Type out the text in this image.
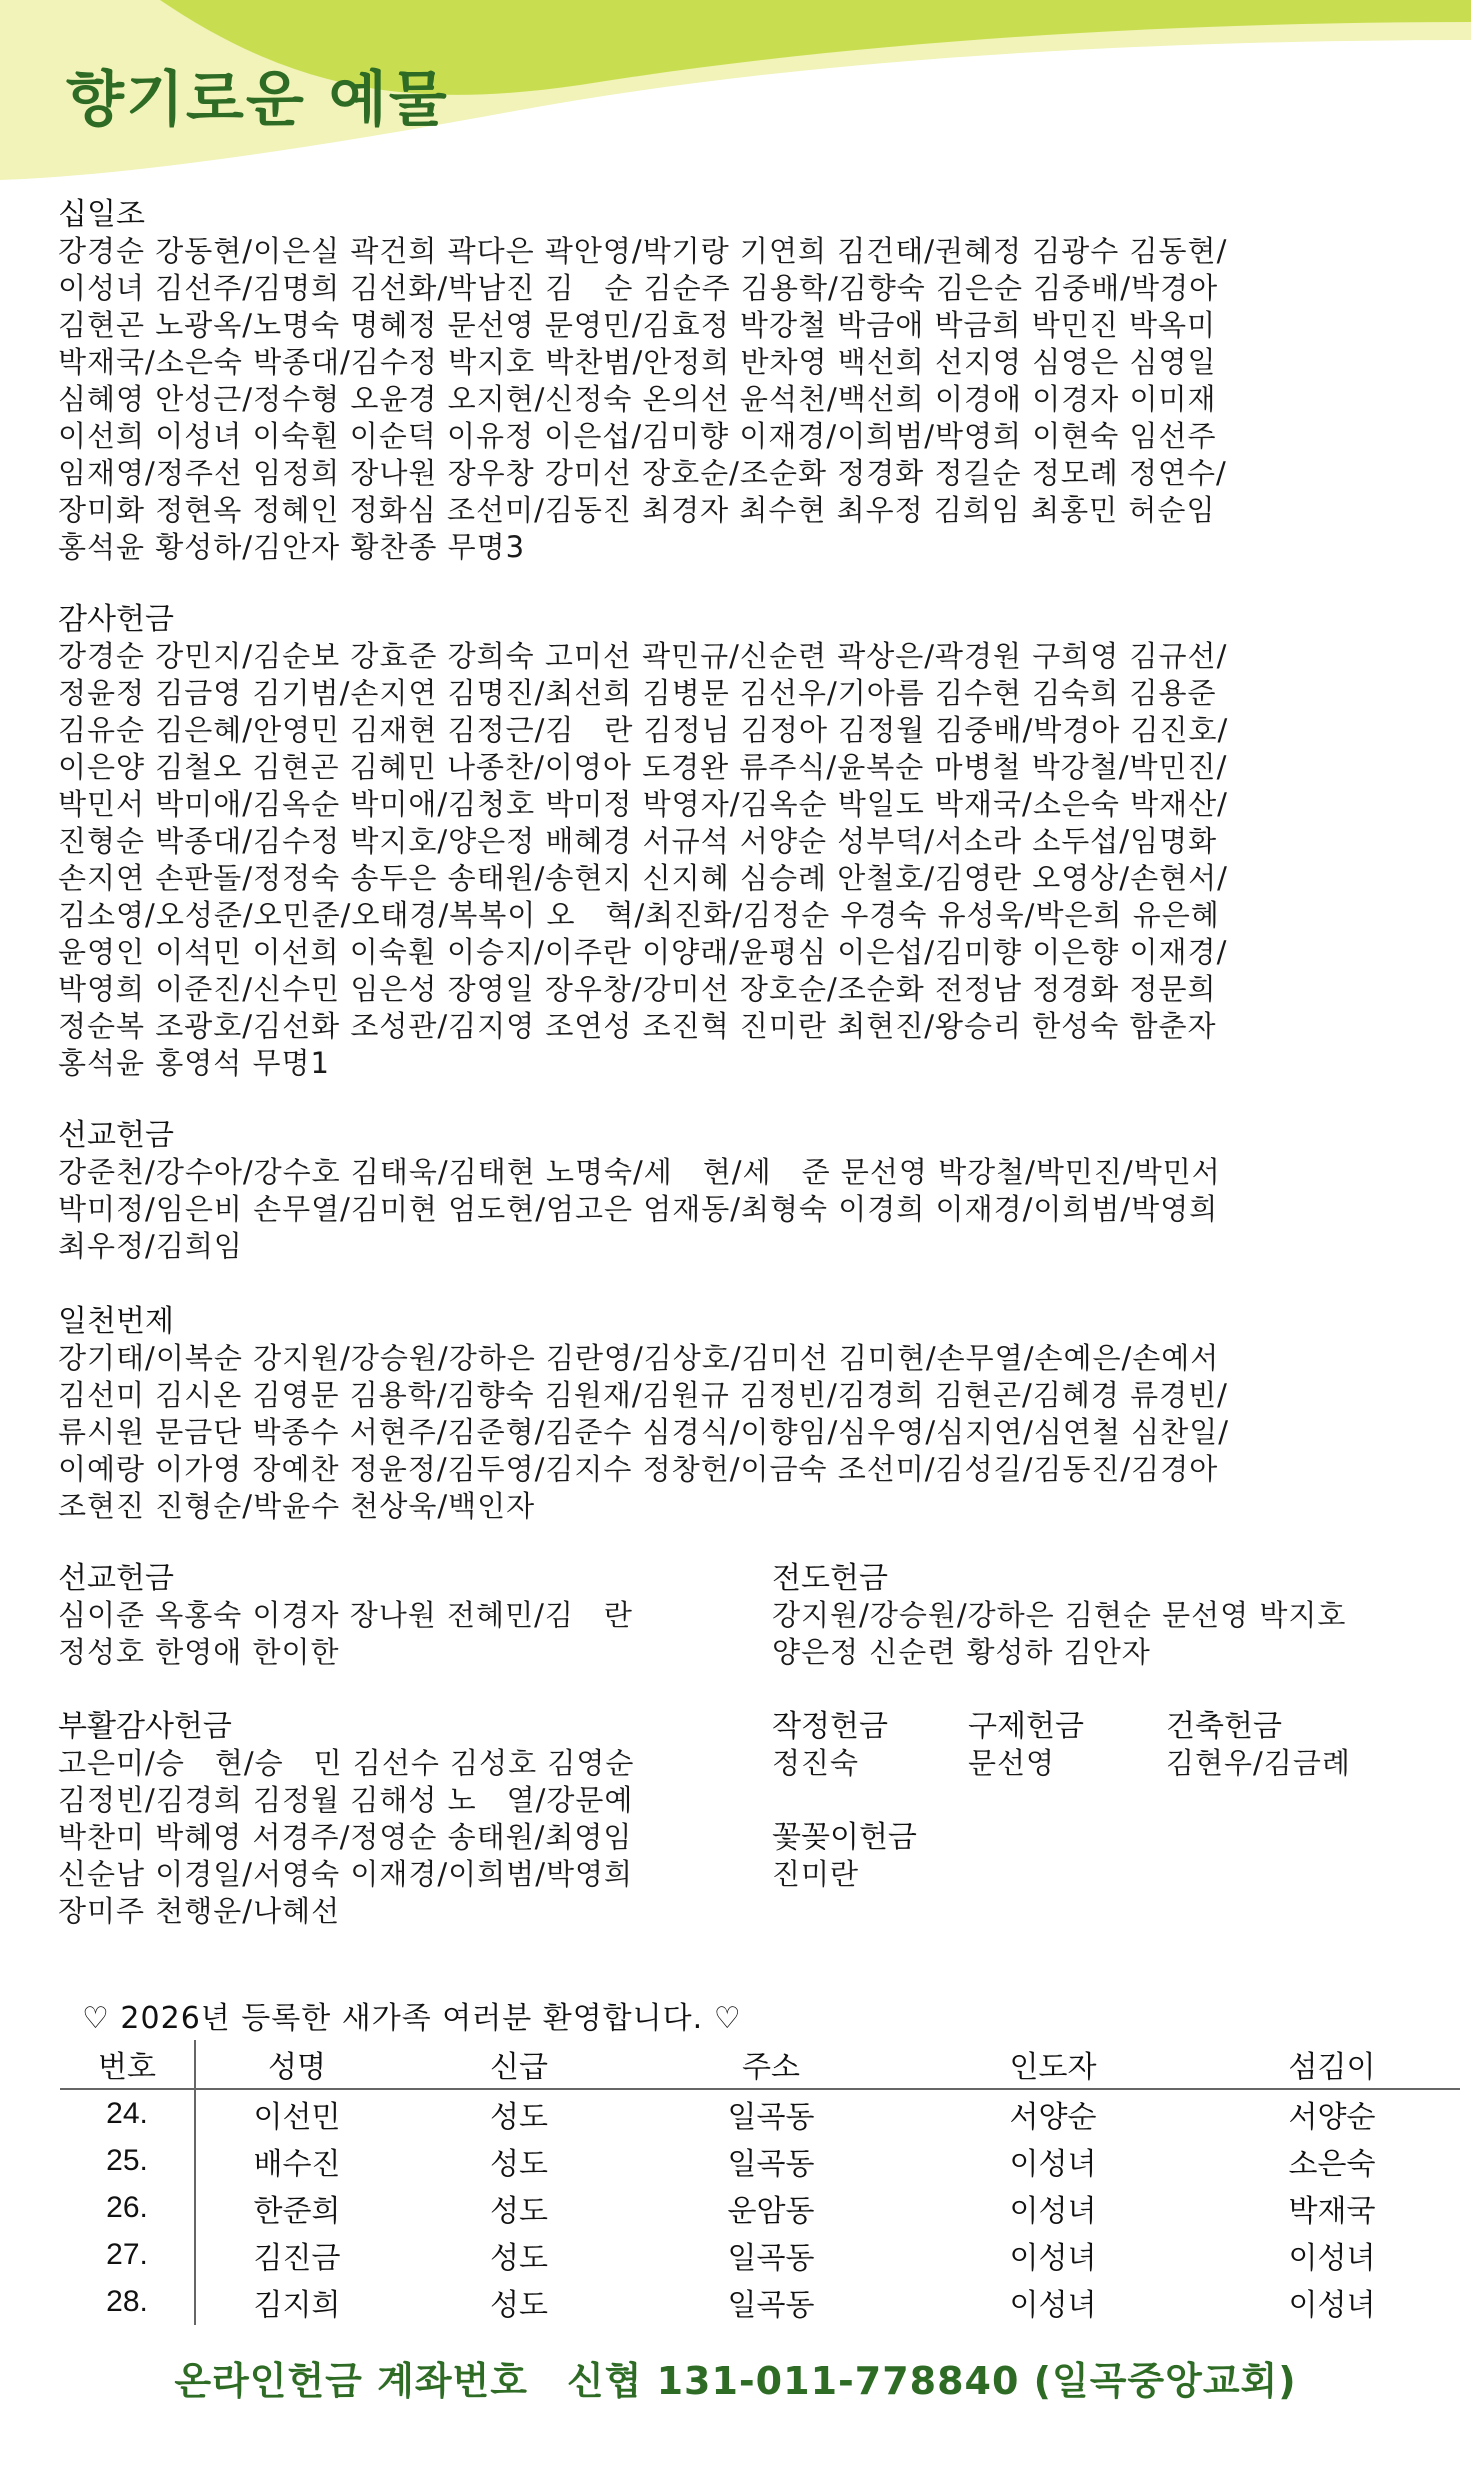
향기로운 예물
십일조
강경순 강동현/이은실 곽건희 곽다은 곽안영/박기랑 기연희 김건태/권혜정 김광수 김동현/
이성녀 김선주/김명희 김선화/박남진 김　순 김순주 김용학/김향숙 김은순 김중배/박경아
김현곤 노광옥/노명숙 명혜정 문선영 문영민/김효정 박강철 박금애 박금희 박민진 박옥미
박재국/소은숙 박종대/김수정 박지호 박찬범/안정희 반차영 백선희 선지영 심영은 심영일
심혜영 안성근/정수형 오윤경 오지현/신정숙 온의선 윤석천/백선희 이경애 이경자 이미재
이선희 이성녀 이숙훤 이순덕 이유정 이은섭/김미향 이재경/이희범/박영희 이현숙 임선주
임재영/정주선 임정희 장나원 장우창 강미선 장호순/조순화 정경화 정길순 정모례 정연수/
장미화 정현옥 정혜인 정화심 조선미/김동진 최경자 최수현 최우정 김희임 최홍민 허순임
홍석윤 황성하/김안자 황찬종 무명3
감사헌금
강경순 강민지/김순보 강효준 강희숙 고미선 곽민규/신순련 곽상은/곽경원 구희영 김규선/
정윤정 김금영 김기범/손지연 김명진/최선희 김병문 김선우/기아름 김수현 김숙희 김용준
김유순 김은혜/안영민 김재현 김정근/김　란 김정님 김정아 김정월 김중배/박경아 김진호/
이은양 김철오 김현곤 김혜민 나종찬/이영아 도경완 류주식/윤복순 마병철 박강철/박민진/
박민서 박미애/김옥순 박미애/김청호 박미정 박영자/김옥순 박일도 박재국/소은숙 박재산/
진형순 박종대/김수정 박지호/양은정 배혜경 서규석 서양순 성부덕/서소라 소두섭/임명화
손지연 손판돌/정정숙 송두은 송태원/송현지 신지혜 심승례 안철호/김영란 오영상/손현서/
김소영/오성준/오민준/오태경/복복이 오　혁/최진화/김정순 우경숙 유성욱/박은희 유은혜
윤영인 이석민 이선희 이숙훤 이승지/이주란 이양래/윤평심 이은섭/김미향 이은향 이재경/
박영희 이준진/신수민 임은성 장영일 장우창/강미선 장호순/조순화 전정남 정경화 정문희
정순복 조광호/김선화 조성관/김지영 조연성 조진혁 진미란 최현진/왕승리 한성숙 함춘자
홍석윤 홍영석 무명1
선교헌금
강준천/강수아/강수호 김태욱/김태현 노명숙/세　현/세　준 문선영 박강철/박민진/박민서
박미정/임은비 손무열/김미현 엄도현/엄고은 엄재동/최형숙 이경희 이재경/이희범/박영희
최우정/김희임
일천번제
강기태/이복순 강지원/강승원/강하은 김란영/김상호/김미선 김미현/손무열/손예은/손예서
김선미 김시온 김영문 김용학/김향숙 김원재/김원규 김정빈/김경희 김현곤/김혜경 류경빈/
류시원 문금단 박종수 서현주/김준형/김준수 심경식/이향임/심우영/심지연/심연철 심찬일/
이예랑 이가영 장예찬 정윤정/김두영/김지수 정창헌/이금숙 조선미/김성길/김동진/김경아
조현진 진형순/박윤수 천상욱/백인자
선교헌금
심이준 옥홍숙 이경자 장나원 전혜민/김　란
정성호 한영애 한이한
전도헌금
강지원/강승원/강하은 김현순 문선영 박지호
양은정 신순련 황성하 김안자
부활감사헌금
고은미/승　현/승　민 김선수 김성호 김영순
김정빈/김경희 김정월 김해성 노　열/강문예
박찬미 박혜영 서경주/정영순 송태원/최영임
신순남 이경일/서영숙 이재경/이희범/박영희
장미주 천행운/나혜선
작정헌금
정진숙
구제헌금
문선영
건축헌금
김현우/김금례
꽃꽂이헌금
진미란

♡ 2026년 등록한 새가족 여러분 환영합니다. ♡

번호	성명	신급	주소	인도자	섬김이
24.	이선민	성도	일곡동	서양순	서양순
25.	배수진	성도	일곡동	이성녀	소은숙
26.	한준희	성도	운암동	이성녀	박재국
27.	김진금	성도	일곡동	이성녀	이성녀
28.	김지희	성도	일곡동	이성녀	이성녀

온라인헌금 계좌번호　신협 131-011-778840 (일곡중앙교회)
